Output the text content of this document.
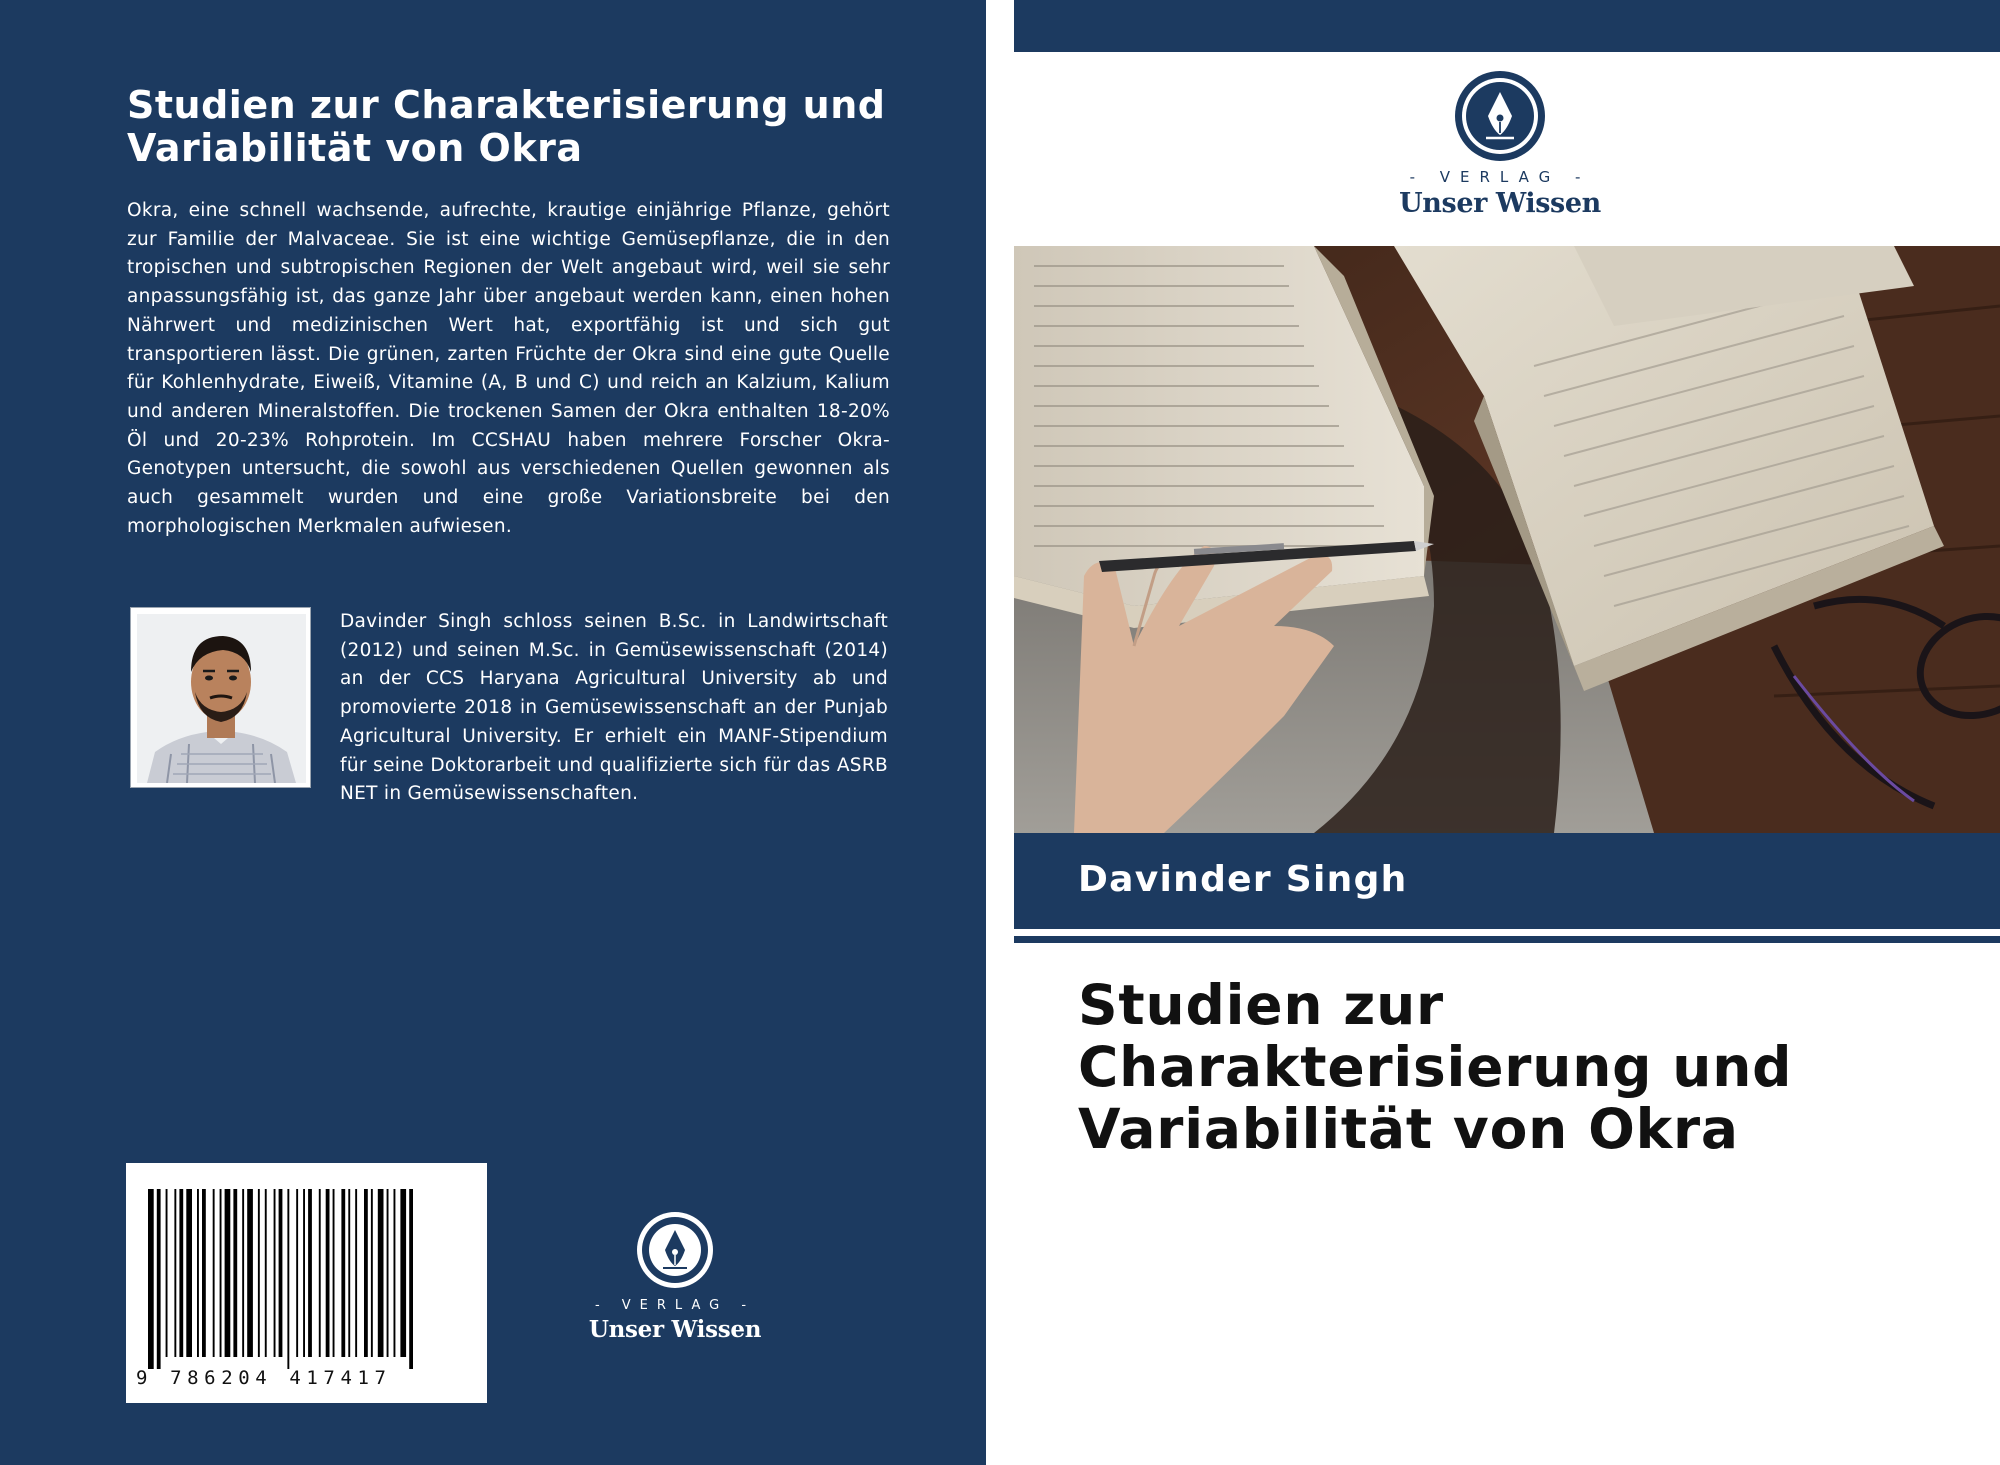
Studien zur Charakterisierung und Variabilität von Okra

Okra, eine schnell wachsende, aufrechte, krautige einjährige Pflanze, gehört zur Familie der Malvaceae. Sie ist eine wichtige Gemüsepflanze, die in den tropischen und subtropischen Regionen der Welt angebaut wird, weil sie sehr anpassungsfähig ist, das ganze Jahr über angebaut werden kann, einen hohen Nährwert und medizinischen Wert hat, exportfähig ist und sich gut transportieren lässt. Die grünen, zarten Früchte der Okra sind eine gute Quelle für Kohlenhydrate, Eiweiß, Vitamine (A, B und C) und reich an Kalzium, Kalium und anderen Mineralstoffen. Die trockenen Samen der Okra enthalten 18-20% Öl und 20-23% Rohprotein. Im CCSHAU haben mehrere Forscher Okra-Genotypen untersucht, die sowohl aus verschiedenen Quellen gewonnen als auch gesammelt wurden und eine große Variationsbreite bei den morphologischen Merkmalen aufwiesen.

Davinder Singh schloss seinen B.Sc. in Landwirtschaft (2012) und seinen M.Sc. in Gemüsewissenschaft (2014) an der CCS Haryana Agricultural University ab und promovierte 2018 in Gemüsewissenschaft an der Punjab Agricultural University. Er erhielt ein MANF-Stipendium für seine Doktorarbeit und qualifizierte sich für das ASRB NET in Gemüsewissenschaften.

9 786204 417417
- VERLAG -
Unser Wissen
- VERLAG -
Unser Wissen
Davinder Singh
Studien zur Charakterisierung und Variabilität von Okra
